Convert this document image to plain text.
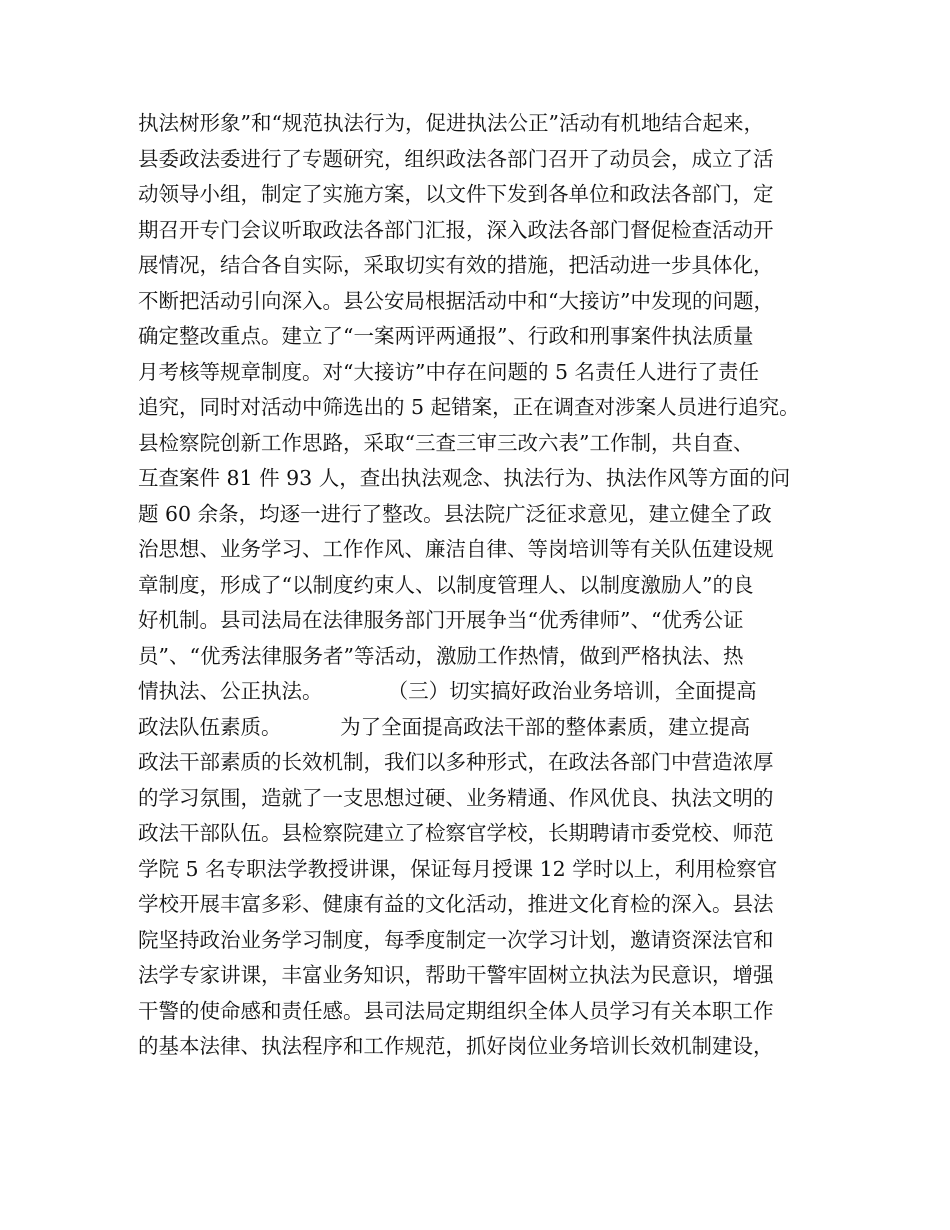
执法树形象”和“规范执法行为，促进执法公正”活动有机地结合起来，
县委政法委进行了专题研究，组织政法各部门召开了动员会，成立了活
动领导小组，制定了实施方案，以文件下发到各单位和政法各部门，定
期召开专门会议听取政法各部门汇报，深入政法各部门督促检查活动开
展情况，结合各自实际，采取切实有效的措施，把活动进一步具体化，
不断把活动引向深入。县公安局根据活动中和“大接访”中发现的问题，
确定整改重点。建立了“一案两评两通报”、行政和刑事案件执法质量
月考核等规章制度。对“大接访”中存在问题的 5 名责任人进行了责任
追究，同时对活动中筛选出的 5 起错案，正在调查对涉案人员进行追究。
县检察院创新工作思路，采取“三查三审三改六表”工作制，共自查、
互查案件 81 件 93 人，查出执法观念、执法行为、执法作风等方面的问
题 60 余条，均逐一进行了整改。县法院广泛征求意见，建立健全了政
治思想、业务学习、工作作风、廉洁自律、等岗培训等有关队伍建设规
章制度，形成了“以制度约束人、以制度管理人、以制度激励人”的良
好机制。县司法局在法律服务部门开展争当“优秀律师”、“优秀公证
员”、“优秀法律服务者”等活动，激励工作热情，做到严格执法、热
情执法、公正执法。          （三）切实搞好政治业务培训，全面提高
政法队伍素质。         为了全面提高政法干部的整体素质，建立提高
政法干部素质的长效机制，我们以多种形式，在政法各部门中营造浓厚
的学习氛围，造就了一支思想过硬、业务精通、作风优良、执法文明的
政法干部队伍。县检察院建立了检察官学校，长期聘请市委党校、师范
学院 5 名专职法学教授讲课，保证每月授课 12 学时以上，利用检察官
学校开展丰富多彩、健康有益的文化活动，推进文化育检的深入。县法
院坚持政治业务学习制度，每季度制定一次学习计划，邀请资深法官和
法学专家讲课，丰富业务知识，帮助干警牢固树立执法为民意识，增强
干警的使命感和责任感。县司法局定期组织全体人员学习有关本职工作
的基本法律、执法程序和工作规范，抓好岗位业务培训长效机制建设，
